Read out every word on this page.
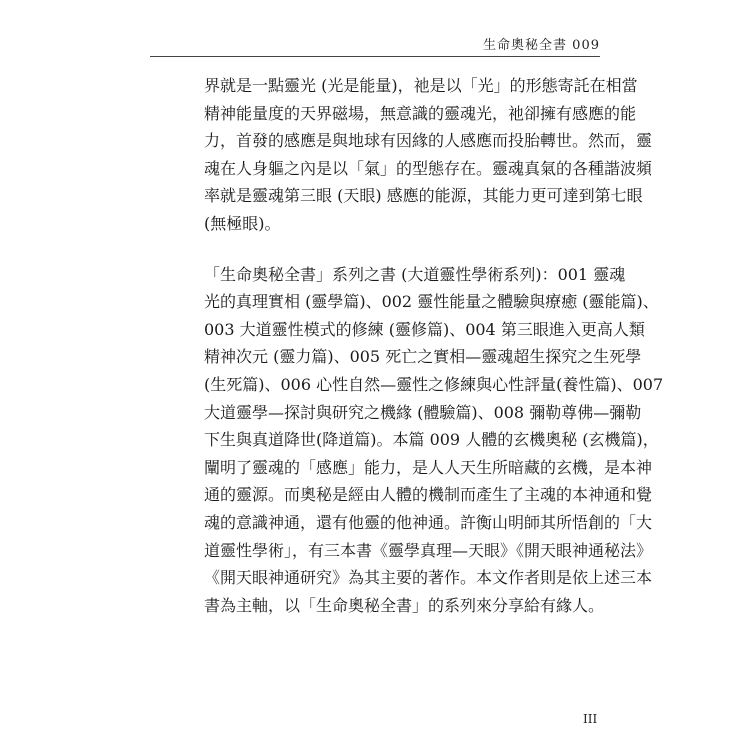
生命奧秘全書 009
界就是一點靈光 (光是能量)，祂是以「光」的形態寄託在相當
精神能量度的天界磁場，無意識的靈魂光，祂卻擁有感應的能
力，首發的感應是與地球有因緣的人感應而投胎轉世。然而，靈
魂在人身軀之內是以「氣」的型態存在。靈魂真氣的各種諧波頻
率就是靈魂第三眼 (天眼) 感應的能源，其能力更可達到第七眼
(無極眼)。
「生命奧秘全書」系列之書 (大道靈性學術系列)：001 靈魂
光的真理實相 (靈學篇)、002 靈性能量之體驗與療癒 (靈能篇)、
003 大道靈性模式的修練 (靈修篇)、004 第三眼進入更高人類
精神次元 (靈力篇)、005 死亡之實相—靈魂超生探究之生死學
(生死篇)、006 心性自然—靈性之修練與心性評量(養性篇)、007
大道靈學—探討與研究之機緣 (體驗篇)、008 彌勒尊佛—彌勒
下生與真道降世(降道篇)。本篇 009 人體的玄機奧秘 (玄機篇)，
闡明了靈魂的「感應」能力，是人人天生所暗藏的玄機，是本神
通的靈源。而奧秘是經由人體的機制而產生了主魂的本神通和覺
魂的意識神通，還有他靈的他神通。許衡山明師其所悟創的「大
道靈性學術」，有三本書《靈學真理—天眼》《開天眼神通秘法》
《開天眼神通研究》為其主要的著作。本文作者則是依上述三本
書為主軸，以「生命奧秘全書」的系列來分享給有緣人。
III
